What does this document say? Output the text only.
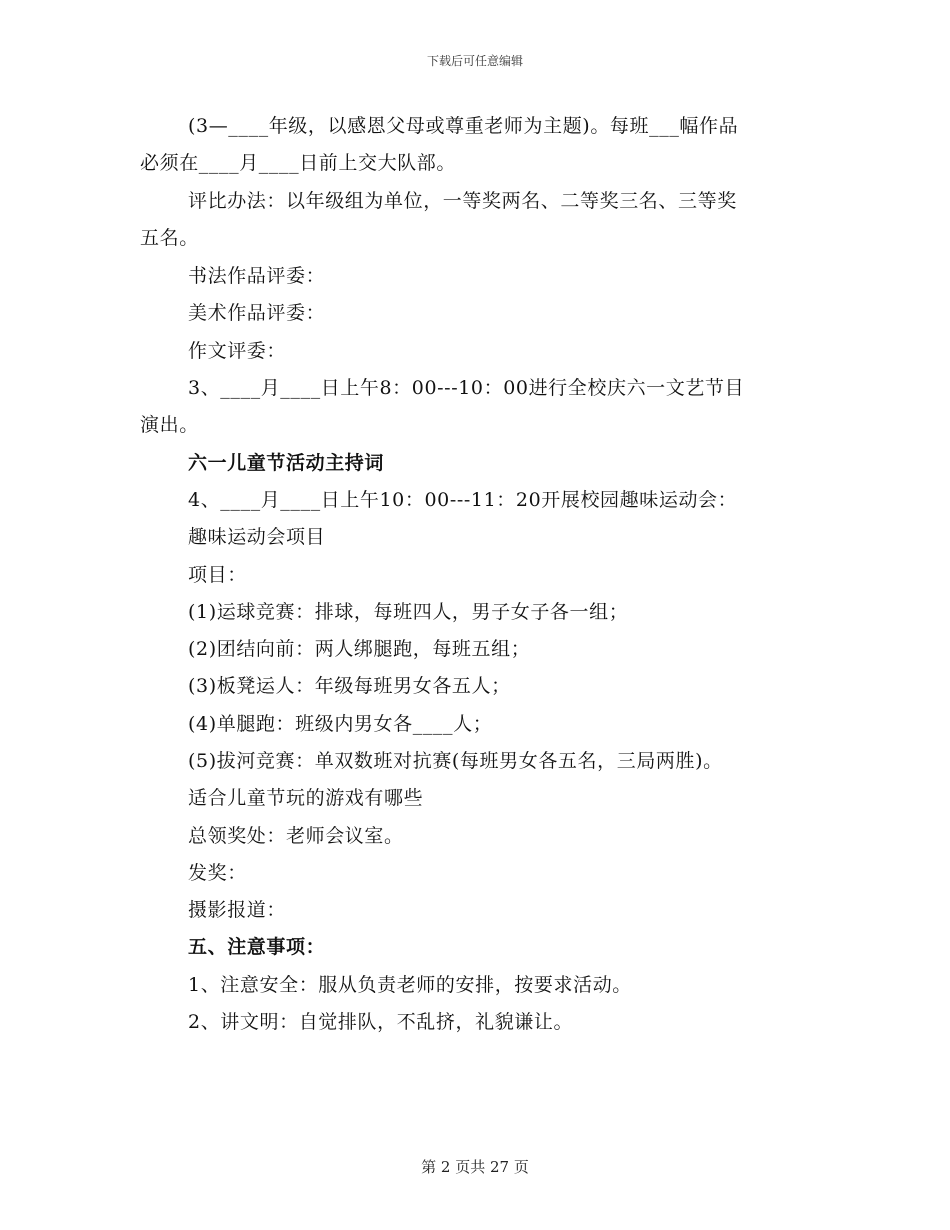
下载后可任意编辑
(3—____年级，以感恩父母或尊重老师为主题)。每班___幅作品
必须在____月____日前上交大队部。
评比办法：以年级组为单位，一等奖两名、二等奖三名、三等奖
五名。
书法作品评委：
美术作品评委：
作文评委：
3、____月____日上午8：00---10：00进行全校庆六一文艺节目
演出。
六一儿童节活动主持词
4、____月____日上午10：00---11：20开展校园趣味运动会：
趣味运动会项目
项目：
(1)运球竞赛：排球，每班四人，男子女子各一组；
(2)团结向前：两人绑腿跑，每班五组；
(3)板凳运人：年级每班男女各五人；
(4)单腿跑：班级内男女各____人；
(5)拔河竞赛：单双数班对抗赛(每班男女各五名，三局两胜)。
适合儿童节玩的游戏有哪些
总领奖处：老师会议室。
发奖：
摄影报道：
五、注意事项：
1、注意安全：服从负责老师的安排，按要求活动。
2、讲文明：自觉排队，不乱挤，礼貌谦让。
第 2 页共 27 页
